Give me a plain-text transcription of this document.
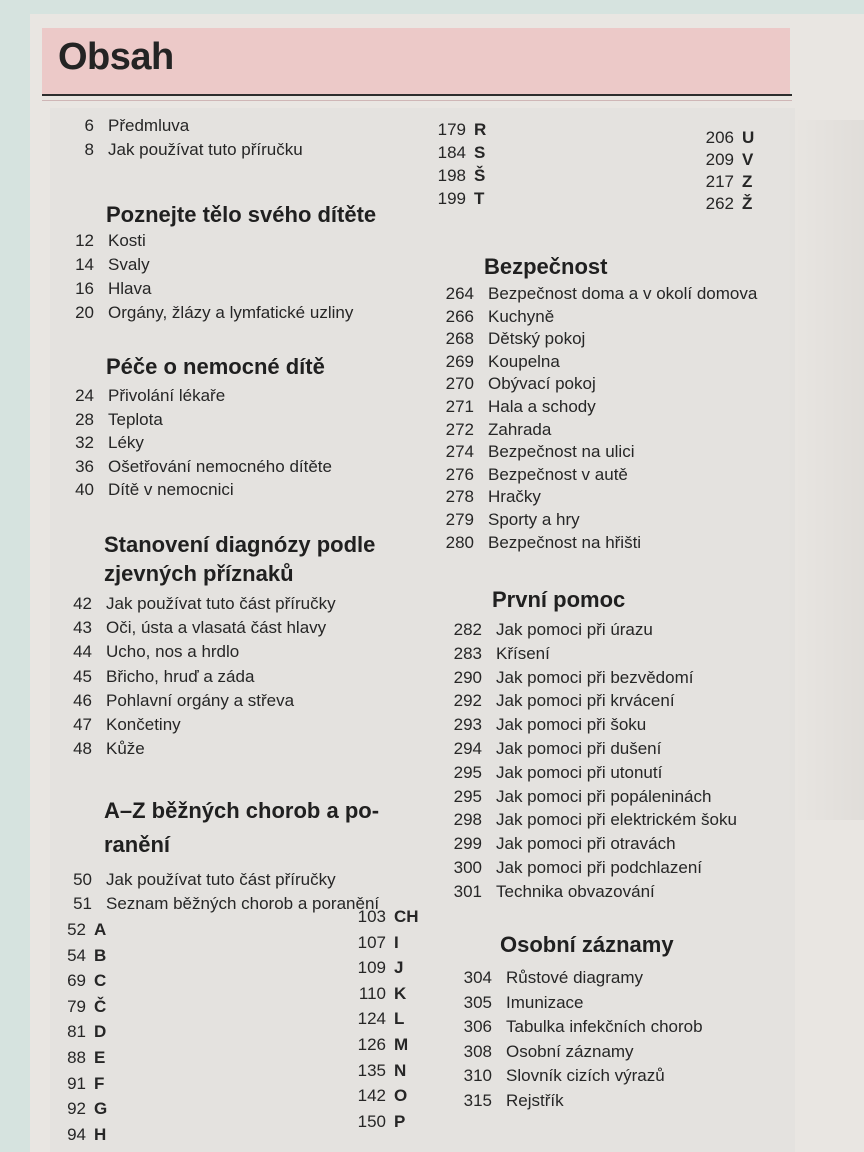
Obsah
6 Předmluva
8 Jak používat tuto příručku
Poznejte tělo svého dítěte
12 Kosti
14 Svaly
16 Hlava
20 Orgány, žlázy a lymfatické uzliny
Péče o nemocné dítě
24 Přivolání lékaře
28 Teplota
32 Léky
36 Ošetřování nemocného dítěte
40 Dítě v nemocnici
Stanovení diagnózy podle
zjevných příznaků
42 Jak používat tuto část příručky
43 Oči, ústa a vlasatá část hlavy
44 Ucho, nos a hrdlo
45 Břicho, hruď a záda
46 Pohlavní orgány a střeva
47 Končetiny
48 Kůže
A–Z běžných chorob a po-
ranění
50 Jak používat tuto část příručky
51 Seznam běžných chorob a poranění
52 A
54 B
69 C
79 Č
81 D
88 E
91 F
92 G
94 H
103 CH
107 I
109 J
110 K
124 L
126 M
135 N
142 O
150 P
179 R
184 S
198 Š
199 T
206 U
209 V
217 Z
262 Ž
Bezpečnost
264 Bezpečnost doma a v okolí domova
266 Kuchyně
268 Dětský pokoj
269 Koupelna
270 Obývací pokoj
271 Hala a schody
272 Zahrada
274 Bezpečnost na ulici
276 Bezpečnost v autě
278 Hračky
279 Sporty a hry
280 Bezpečnost na hřišti
První pomoc
282 Jak pomoci při úrazu
283 Křísení
290 Jak pomoci při bezvědomí
292 Jak pomoci při krvácení
293 Jak pomoci při šoku
294 Jak pomoci při dušení
295 Jak pomoci při utonutí
295 Jak pomoci při popáleninách
298 Jak pomoci při elektrickém šoku
299 Jak pomoci při otravách
300 Jak pomoci při podchlazení
301 Technika obvazování
Osobní záznamy
304 Růstové diagramy
305 Imunizace
306 Tabulka infekčních chorob
308 Osobní záznamy
310 Slovník cizích výrazů
315 Rejstřík
